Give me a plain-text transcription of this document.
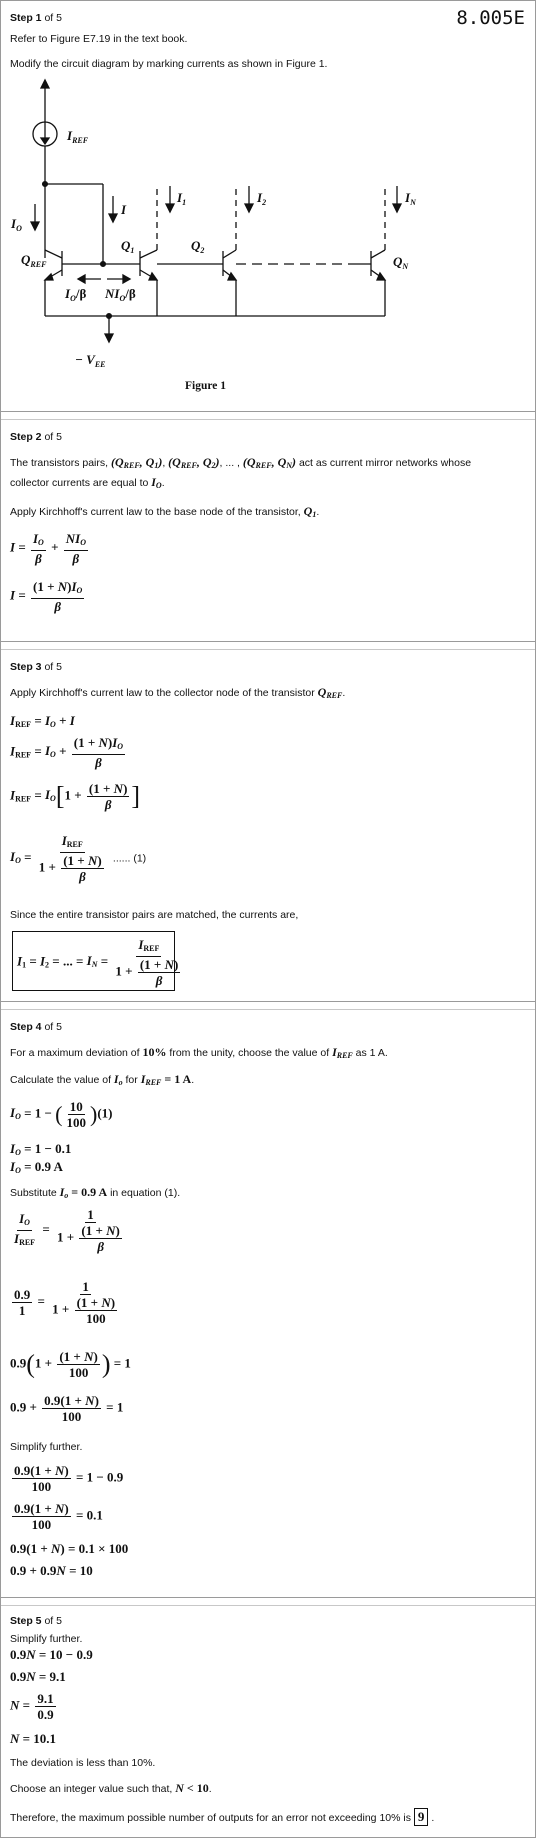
Step 1 of 5	8.005E
Refer to Figure E7.19 in the text book.
Modify the circuit diagram by marking currents as shown in Figure 1.
$I_{REF}$
$I_O$
I
$I_1$	$I_2$	$I_N$
$Q_{REF}$
$Q_1$	$Q_2$
$Q_N$
$I_O/\beta$ $NI_O/\beta$
− $V_{EE}$
Figure 1
Step 2 of 5
The transistors pairs, ($Q_{REF}$, $Q_1$), ($Q_{REF}$, $Q_2$), ... , ($Q_{REF}$, $Q_N$) act as current mirror networks whose
collector currents are equal to $I_O$.
Apply Kirchhoff's current law to the base node of the transistor, $Q_1$.
$I = \frac{I_O}{\beta} + \frac{NI_O}{\beta}$
$I = \frac{(1 + N)I_O}{\beta}$
Step 3 of 5
Apply Kirchhoff's current law to the collector node of the transistor $Q_{REF}$.
$I_{REF} = I_O + I$
$I_{REF} = I_O + \frac{(1 + N)I_O}{\beta}$
$I_{REF} = I_O[1 + \frac{(1 + N)}{\beta}$ ]
$I_O = \frac{I_{REF}}{1 + \frac{(1 + N)}{\beta}}$ ...... (1)
Since the entire transistor pairs are matched, the currents are,
$I_1 = I_2$ = ... = $I_N = \frac{I_{REF}}{1 + \frac{(1 + N)}{\beta}}$
Step 4 of 5
For a maximum deviation of 10% from the unity, choose the value of $I_{REF}$ as 1 A.
Calculate the value of $I_o$ for $I_{REF} = 1$ A.
$I_O = 1$ − ( $\frac{10}{100} )(1)$
$I_O = 1 - 0.1$
$I_O = 0.9$ A
Substitute $I_o = 0.9$ A in equation (1).
$\frac{I_O}{I_{REF}} = \frac{1}{1 + \frac{(1 + N)}{\beta}}$
$\frac{0.9}{1} = \frac{1}{1 + \frac{(1 + N)}{100}}$
$0.9(1 + \frac{(1 + N)}{100}$ ) = 1
$0.9 + \frac{0.9(1 + N)}{100} = 1$
Simplify further.
$\frac{0.9(1 + N)}{100} = 1 - 0.9$
$\frac{0.9(1 + N)}{100} = 0.1$
0.9(1 + N) = 0.1 × 100
0.9 + 0.9N = 10
Step 5 of 5
Simplify further.
0.9N = 10 − 0.9
0.9N = 9.1
$N = \frac{9.1}{0.9}$
N = 10.1
The deviation is less than 10%.
Choose an integer value such that, N < 10.
Therefore, the maximum possible number of outputs for an error not exceeding 10% is 9 .
